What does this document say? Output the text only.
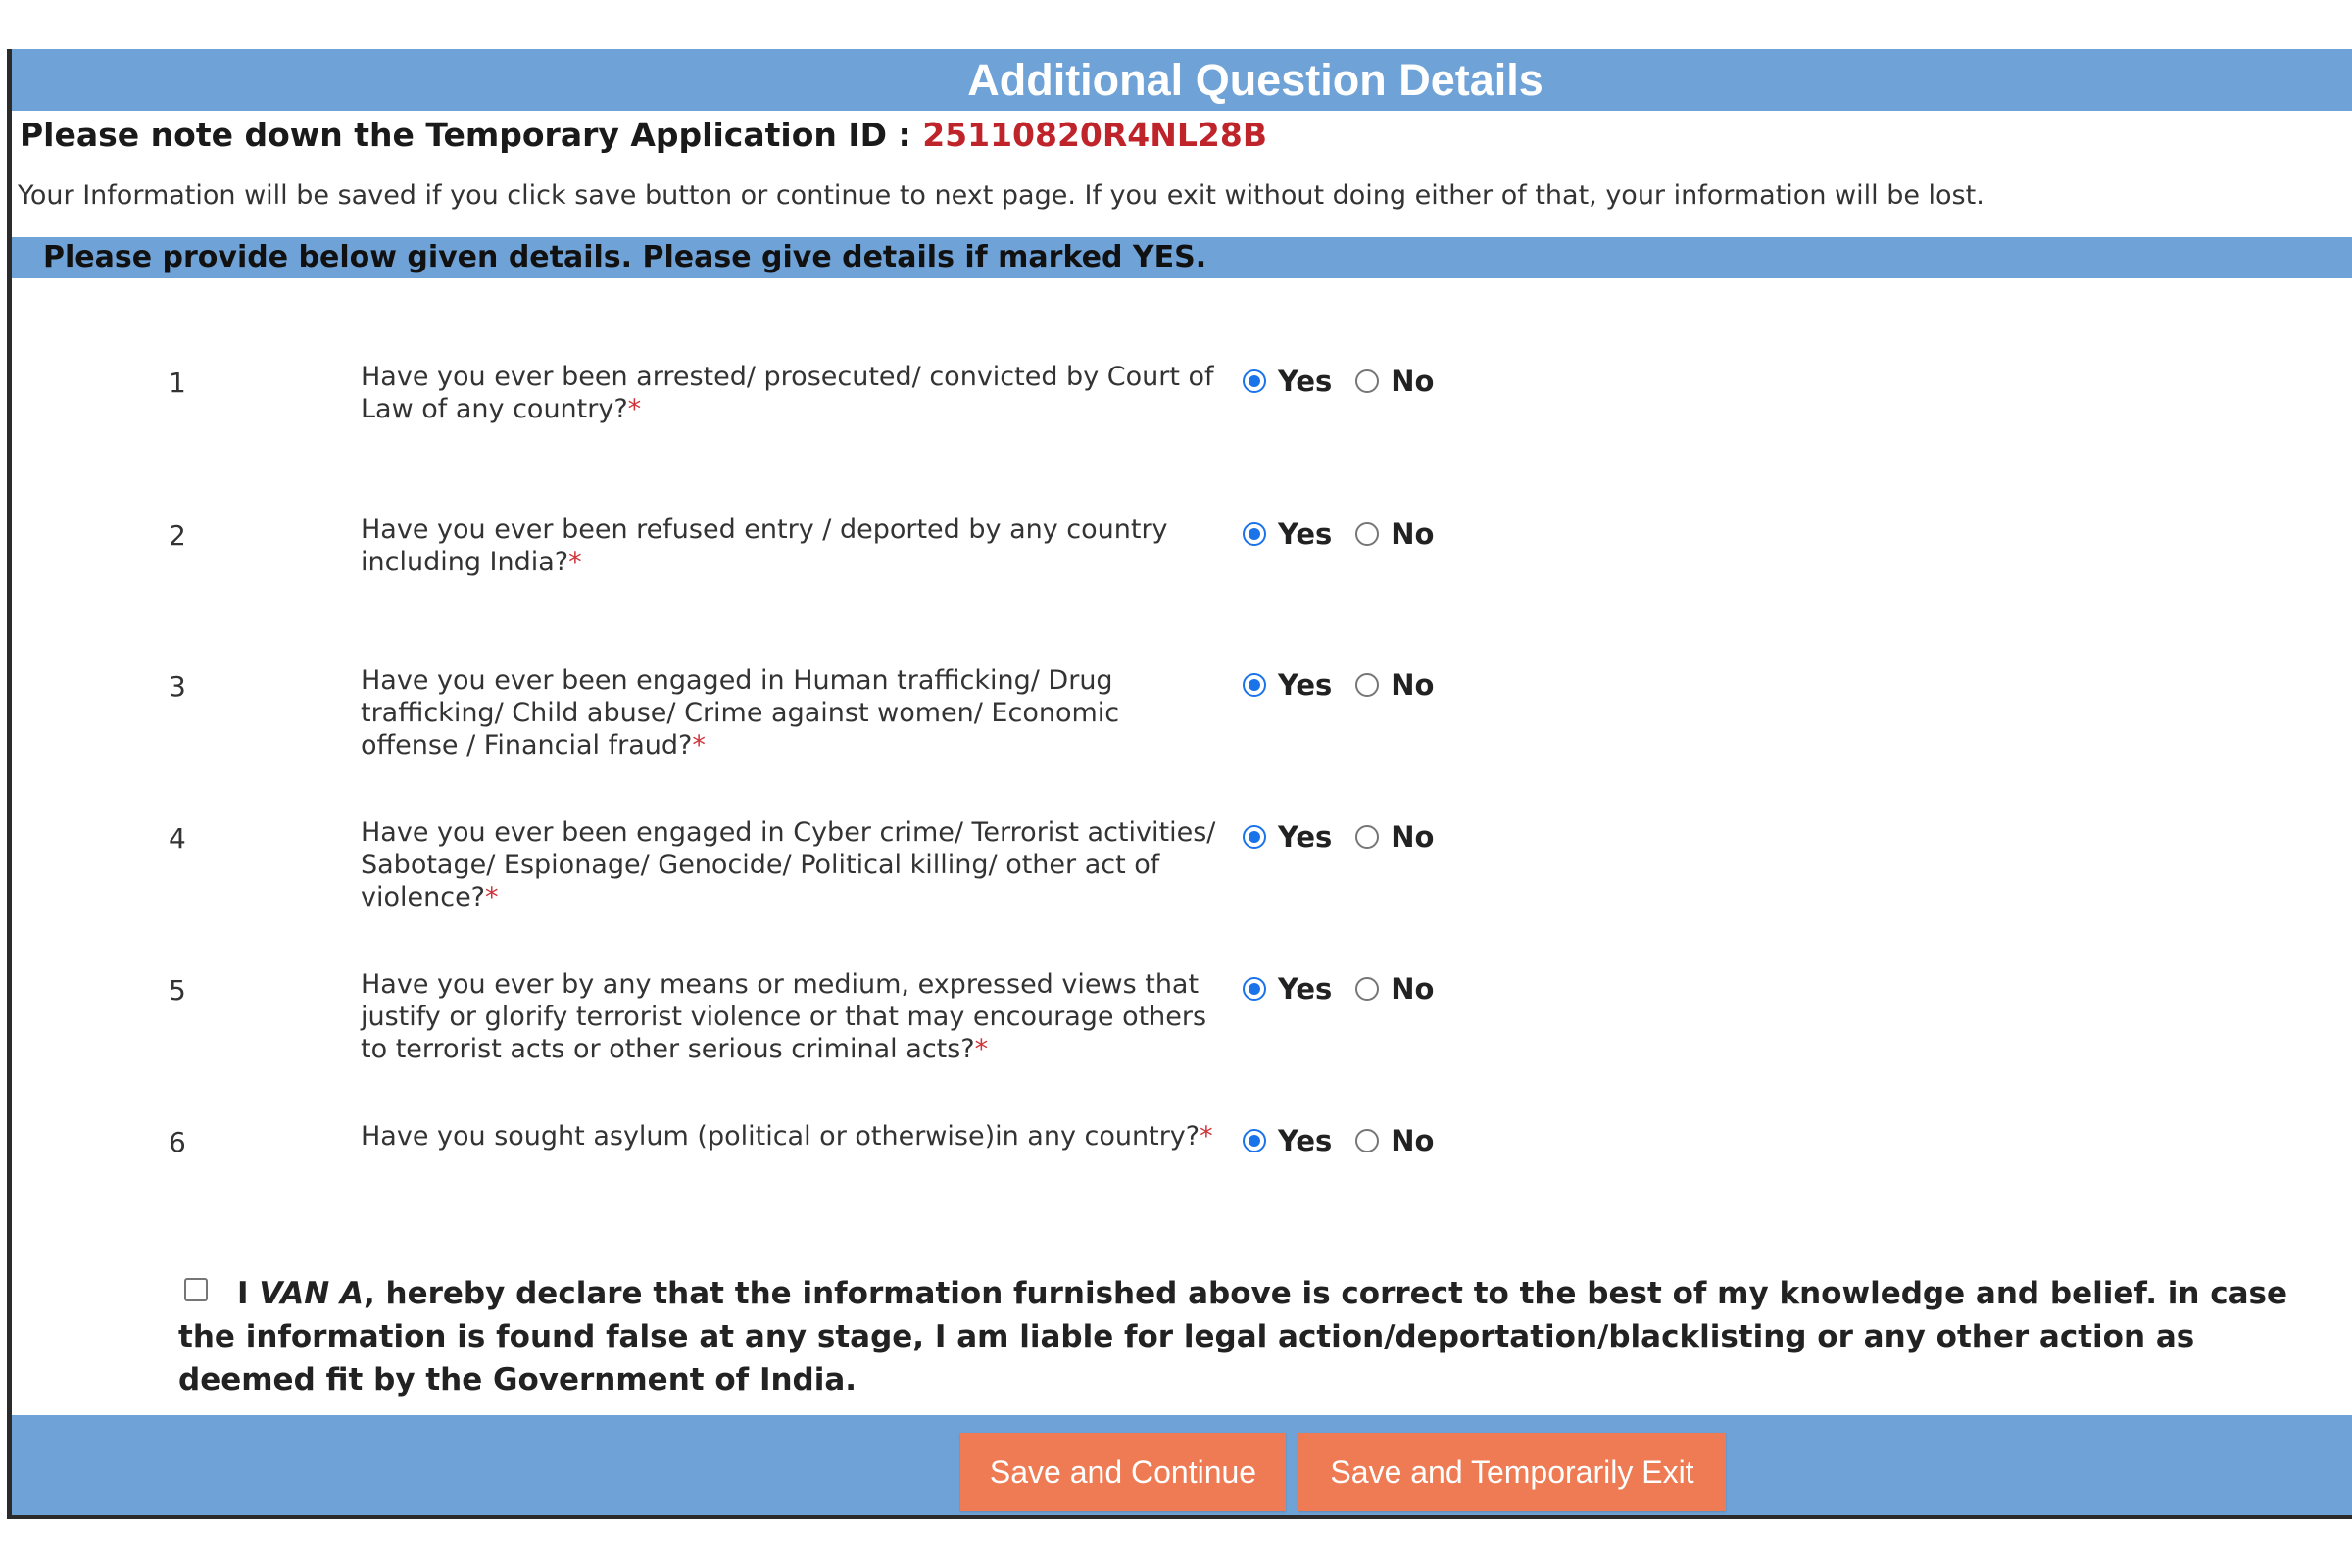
Additional Question Details
Please note down the Temporary Application ID : 25110820R4NL28B
Your Information will be saved if you click save button or continue to next page. If you exit without doing either of that, your information will be lost.
Please provide below given details. Please give details if marked YES.
1	Have you ever been arrested/ prosecuted/ convicted by Court of Law of any country?*
Yes No
2	Have you ever been refused entry / deported by any country including India?*
Yes No
3	Have you ever been engaged in Human trafficking/ Drug trafficking/ Child abuse/ Crime against women/ Economic offense / Financial fraud?*
Yes No
4	Have you ever been engaged in Cyber crime/ Terrorist activities/ Sabotage/ Espionage/ Genocide/ Political killing/ other act of violence?*
Yes No
5	Have you ever by any means or medium, expressed views that justify or glorify terrorist violence or that may encourage others to terrorist acts or other serious criminal acts?*
Yes No
6	Have you sought asylum (political or otherwise)in any country?*	Yes No
I VAN A, hereby declare that the information furnished above is correct to the best of my knowledge and belief. in case the information is found false at any stage, I am liable for legal action/deportation/blacklisting or any other action as deemed fit by the Government of India.
Save and Continue	Save and Temporarily Exit
